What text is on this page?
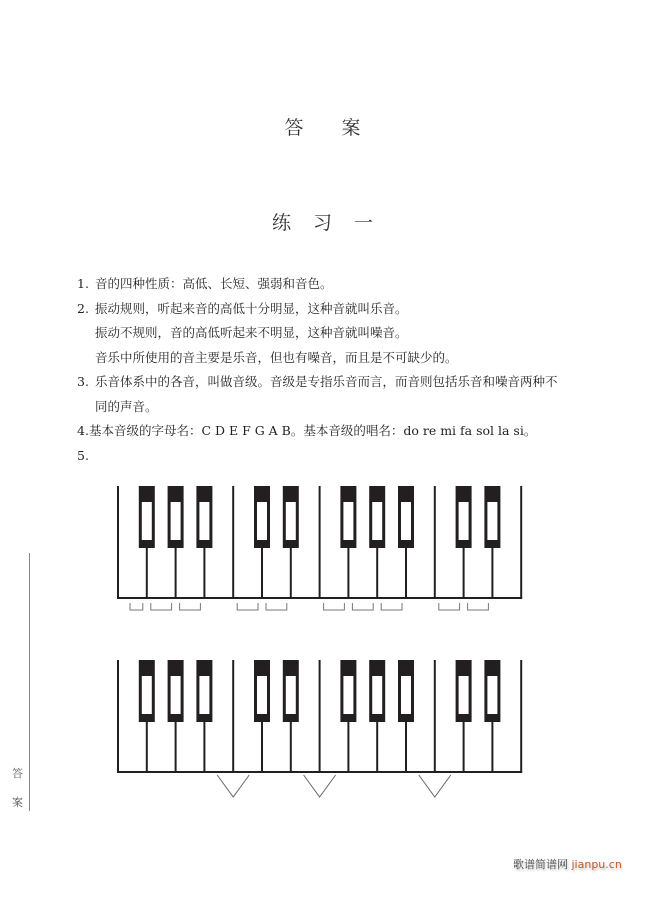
答案
练习一
1. 音的四种性质：高低、长短、强弱和音色。
2. 振动规则，听起来音的高低十分明显，这种音就叫乐音。
振动不规则，音的高低听起来不明显，这种音就叫噪音。
音乐中所使用的音主要是乐音，但也有噪音，而且是不可缺少的。
3. 乐音体系中的各音，叫做音级。音级是专指乐音而言，而音则包括乐音和噪音两种不
同的声音。
4.基本音级的字母名：C D E F G A B。基本音级的唱名：do re mi fa sol la si。
5.
答
案
歌谱简谱网 jianpu.cn
